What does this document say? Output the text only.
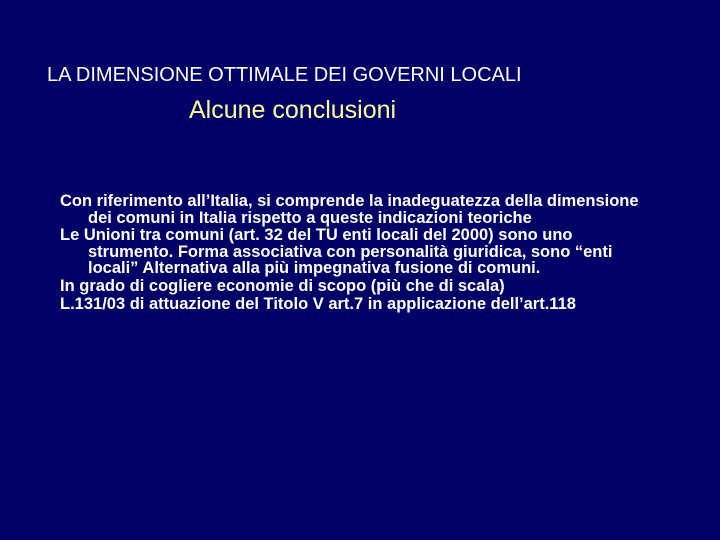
LA DIMENSIONE OTTIMALE DEI GOVERNI LOCALI
Alcune conclusioni

Con riferimento all’Italia, si comprende la inadeguatezza della dimensione dei comuni in Italia rispetto a queste indicazioni teoriche

Le Unioni tra comuni (art. 32 del TU enti locali del 2000) sono uno strumento. Forma associativa con personalità giuridica, sono “enti locali” Alternativa alla più impegnativa fusione di comuni.

In grado di cogliere economie di scopo (più che di scala)

L.131/03 di attuazione del Titolo V art.7 in applicazione dell’art.118
